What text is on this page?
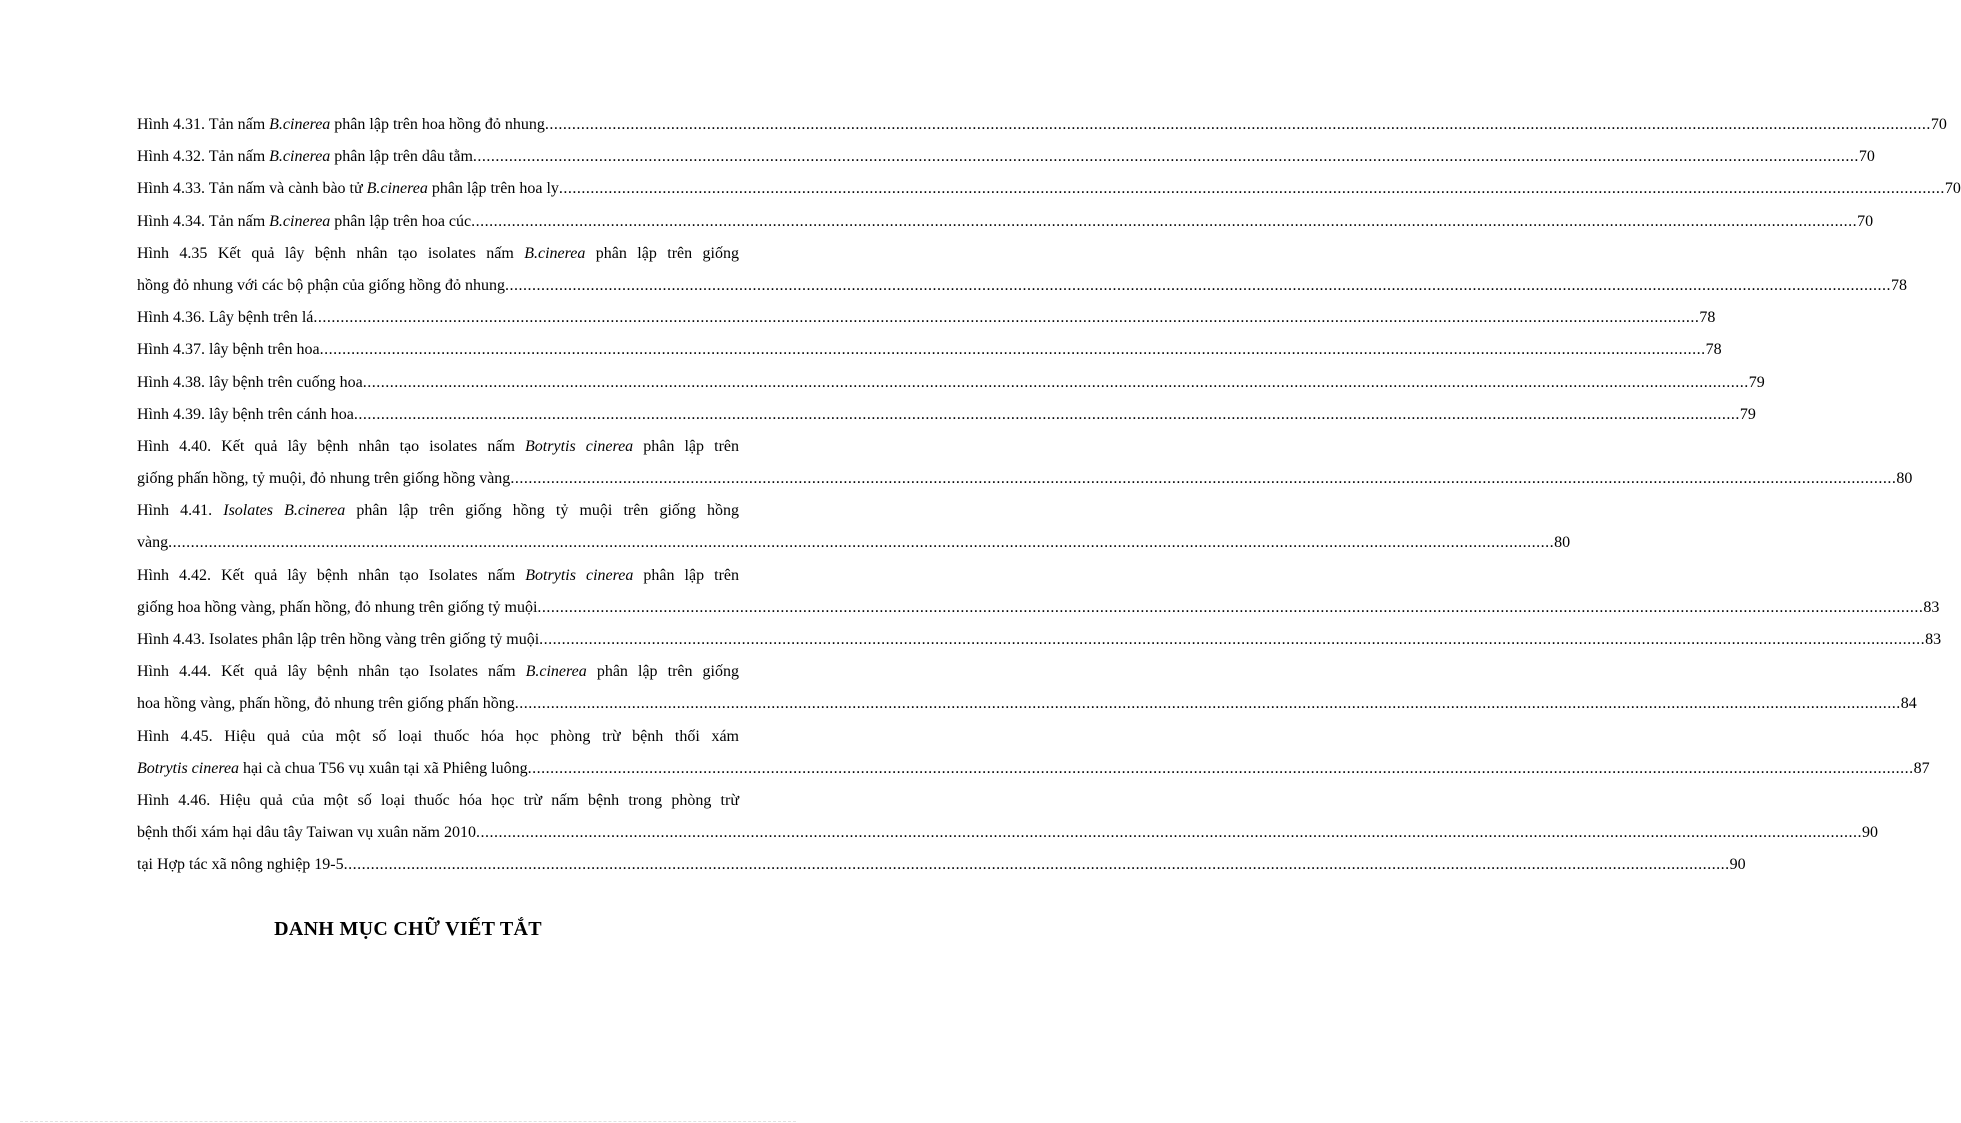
Hình 4.31. Tản nấm B.cinerea phân lập trên hoa hồng đỏ nhung .....	70
Hình 4.32. Tản nấm B.cinerea phân lập trên dâu tằm .....	70
Hình 4.33. Tản nấm và cành bào tử B.cinerea phân lập trên hoa ly .....	70
Hình 4.34. Tản nấm B.cinerea phân lập trên hoa cúc .....	70
Hình 4.35 Kết quả lây bệnh nhân tạo isolates nấm B.cinerea phân lập trên giống
hồng đỏ nhung với các bộ phận của giống hồng đỏ nhung .....	78
Hình 4.36. Lây bệnh trên lá .....	78
Hình 4.37. lây bệnh trên hoa .....	78
Hình 4.38. lây bệnh trên cuống hoa .....	79
Hình 4.39. lây bệnh trên cánh hoa .....	79
Hình 4.40. Kết quả lây bệnh nhân tạo isolates nấm Botrytis cinerea phân lập trên
giống phấn hồng, tỷ muội, đỏ nhung trên giống hồng vàng .....	80
Hình 4.41. Isolates B.cinerea phân lập trên giống hồng tỷ muội trên giống hồng
vàng .....	80
Hình 4.42. Kết quả lây bệnh nhân tạo Isolates nấm Botrytis cinerea phân lập trên
giống hoa hồng vàng, phấn hồng, đỏ nhung trên giống tỷ muội .....	83
Hình 4.43. Isolates phân lập trên hồng vàng trên giống tỷ muội .....	83
Hình 4.44. Kết quả lây bệnh nhân tạo Isolates nấm B.cinerea phân lập trên giống
hoa hồng vàng, phấn hồng, đỏ nhung trên giống phấn hồng .....	84
Hình 4.45. Hiệu quả của một số loại thuốc hóa học phòng trừ bệnh thối xám
Botrytis cinerea hại cà chua T56 vụ xuân tại xã Phiêng luông .....	87
Hình 4.46. Hiệu quả của một số loại thuốc hóa học trừ nấm bệnh trong phòng trừ
bệnh thối xám hại dâu tây Taiwan vụ xuân năm 2010 .....	90
tại Hợp tác xã nông nghiệp 19-5 .....	90
DANH MỤC CHỮ VIẾT TẮT
